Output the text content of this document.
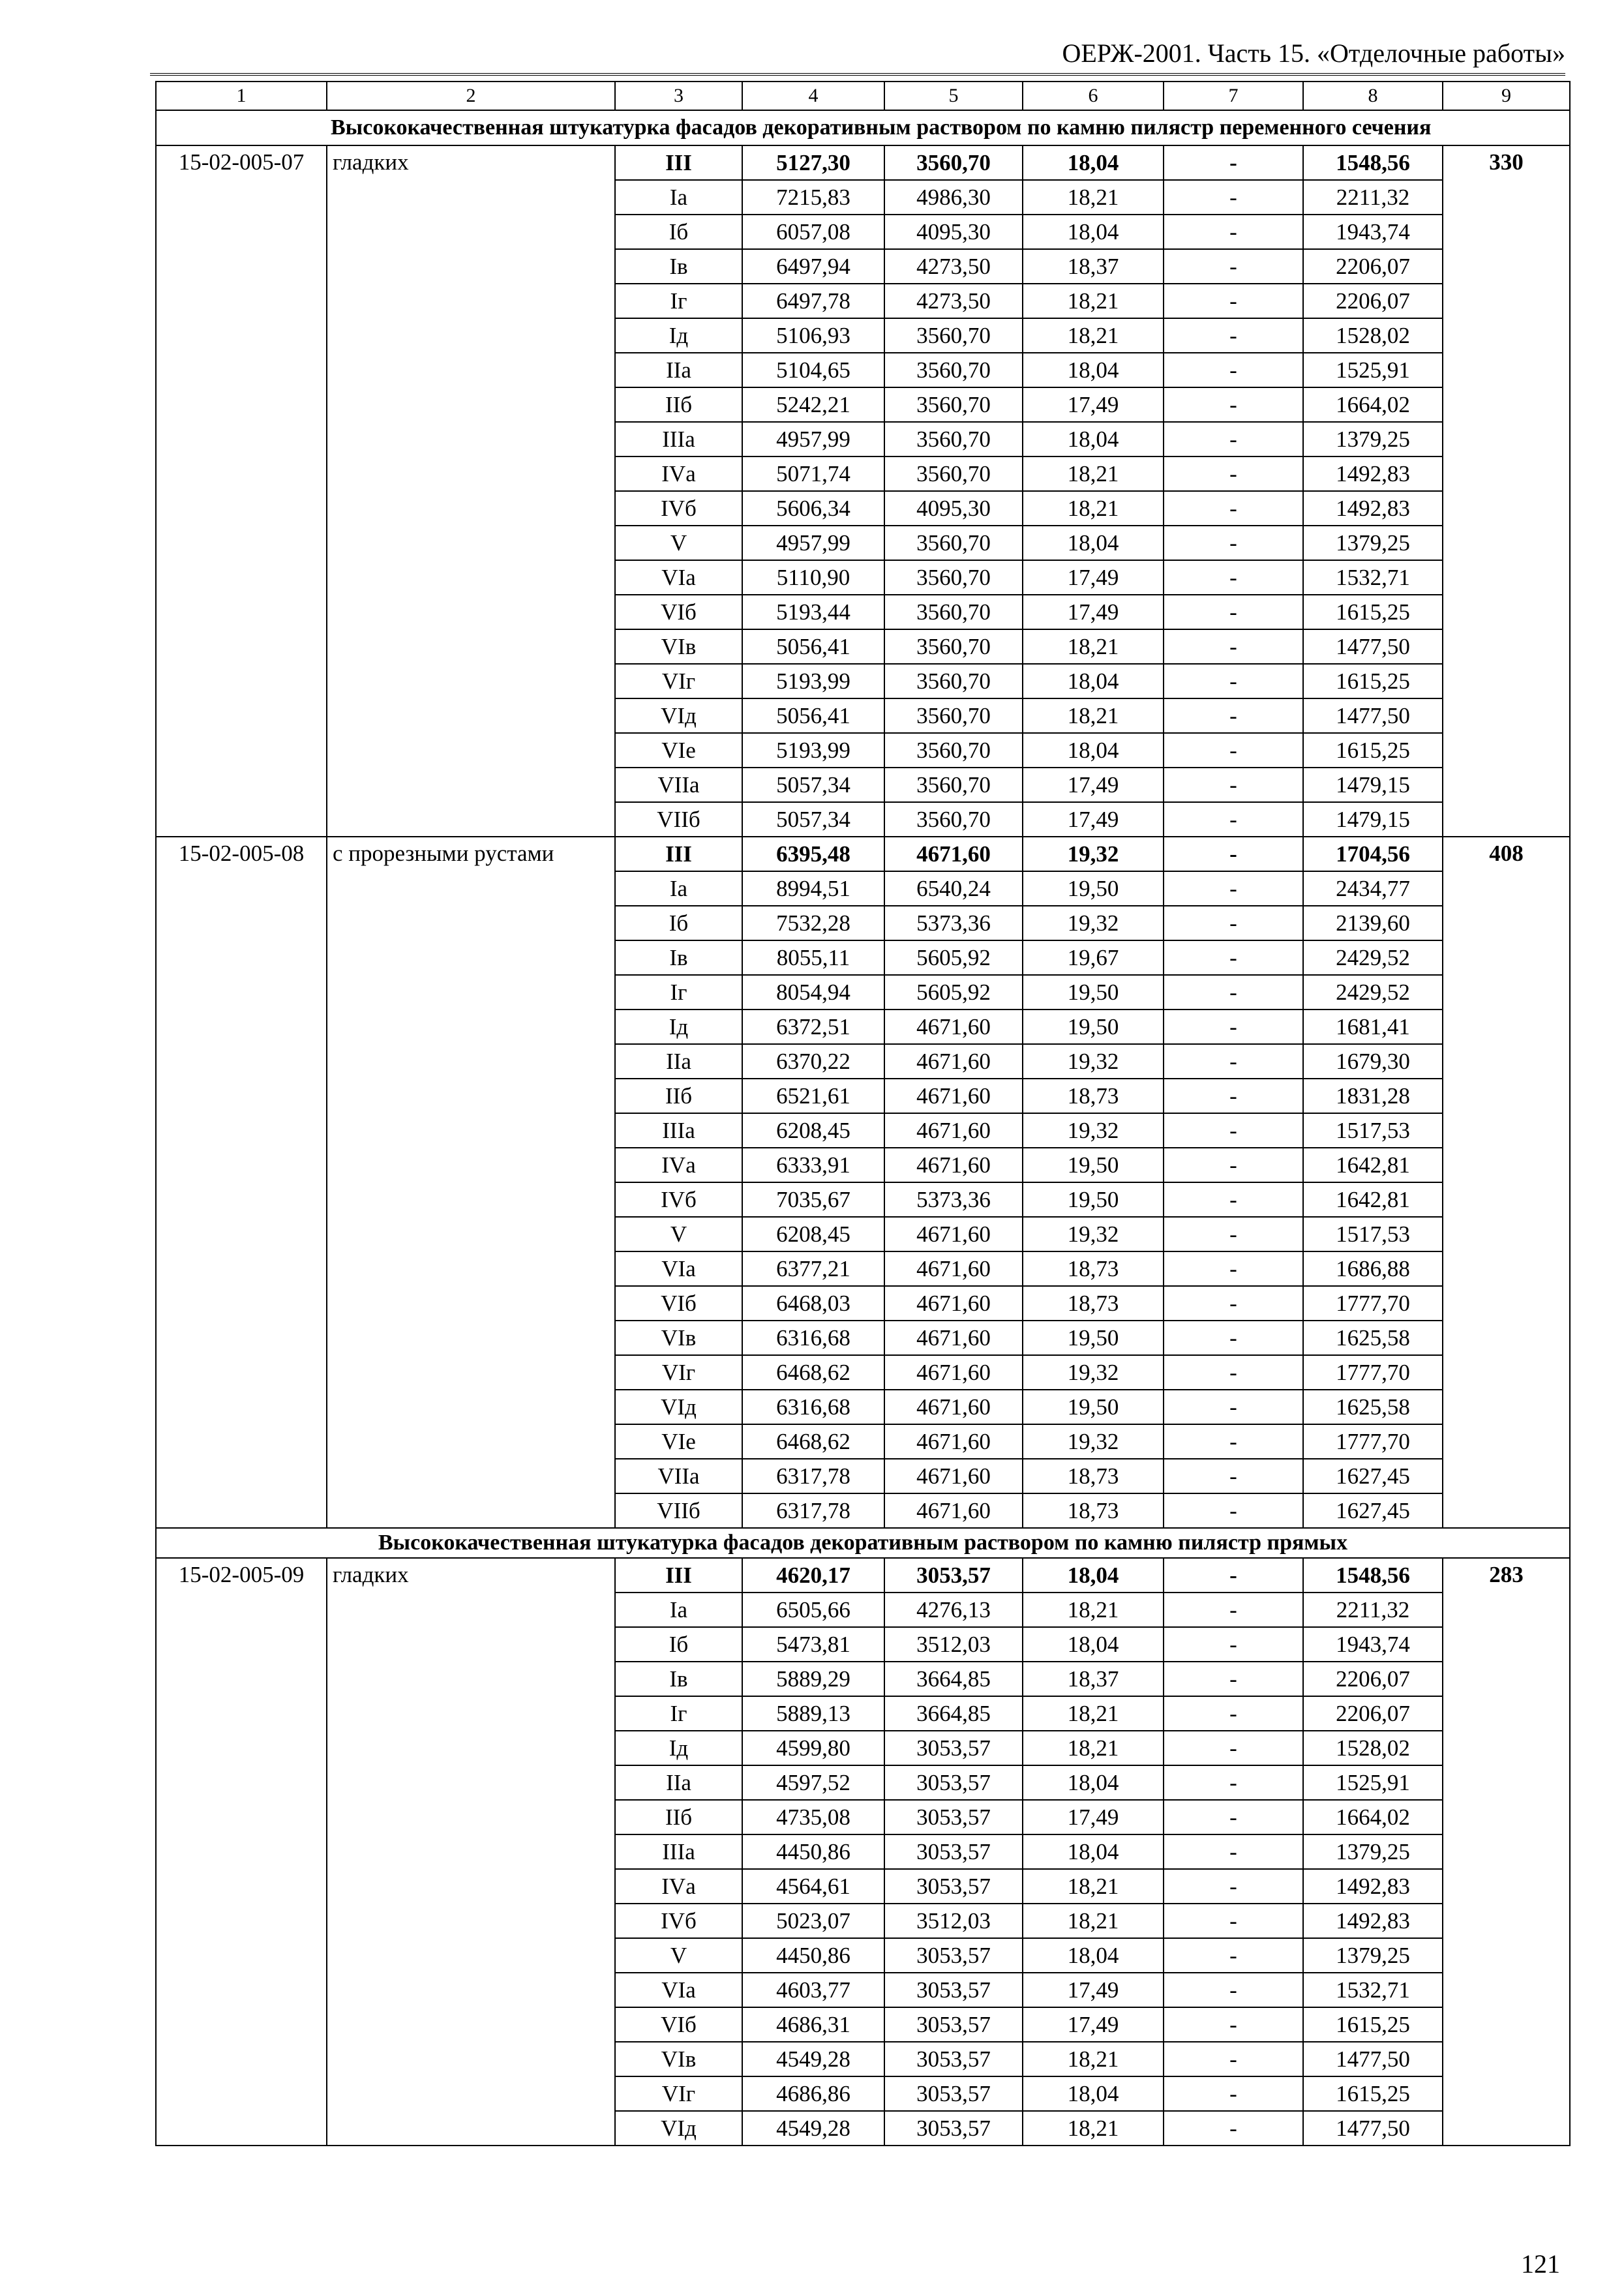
ОЕРЖ-2001. Часть 15. «Отделочные работы»
1	2	3	4	5	6	7	8	9
Высококачественная штукатурка фасадов декоративным раствором по камню пилястр переменного сечения								
15-02-005-07	гладких	III	5127,30	3560,70	18,04	-	1548,56	330
		Iа	7215,83	4986,30	18,21	-	2211,32	
		Iб	6057,08	4095,30	18,04	-	1943,74	
		Iв	6497,94	4273,50	18,37	-	2206,07	
		Iг	6497,78	4273,50	18,21	-	2206,07	
		Iд	5106,93	3560,70	18,21	-	1528,02	
		IIа	5104,65	3560,70	18,04	-	1525,91	
		IIб	5242,21	3560,70	17,49	-	1664,02	
		IIIа	4957,99	3560,70	18,04	-	1379,25	
		IVа	5071,74	3560,70	18,21	-	1492,83	
		IVб	5606,34	4095,30	18,21	-	1492,83	
		V	4957,99	3560,70	18,04	-	1379,25	
		VIа	5110,90	3560,70	17,49	-	1532,71	
		VIб	5193,44	3560,70	17,49	-	1615,25	
		VIв	5056,41	3560,70	18,21	-	1477,50	
		VIг	5193,99	3560,70	18,04	-	1615,25	
		VIд	5056,41	3560,70	18,21	-	1477,50	
		VIе	5193,99	3560,70	18,04	-	1615,25	
		VIIа	5057,34	3560,70	17,49	-	1479,15	
		VIIб	5057,34	3560,70	17,49	-	1479,15	
15-02-005-08	с прорезными рустами	III	6395,48	4671,60	19,32	-	1704,56	408
		Iа	8994,51	6540,24	19,50	-	2434,77	
		Iб	7532,28	5373,36	19,32	-	2139,60	
		Iв	8055,11	5605,92	19,67	-	2429,52	
		Iг	8054,94	5605,92	19,50	-	2429,52	
		Iд	6372,51	4671,60	19,50	-	1681,41	
		IIа	6370,22	4671,60	19,32	-	1679,30	
		IIб	6521,61	4671,60	18,73	-	1831,28	
		IIIа	6208,45	4671,60	19,32	-	1517,53	
		IVа	6333,91	4671,60	19,50	-	1642,81	
		IVб	7035,67	5373,36	19,50	-	1642,81	
		V	6208,45	4671,60	19,32	-	1517,53	
		VIа	6377,21	4671,60	18,73	-	1686,88	
		VIб	6468,03	4671,60	18,73	-	1777,70	
		VIв	6316,68	4671,60	19,50	-	1625,58	
		VIг	6468,62	4671,60	19,32	-	1777,70	
		VIд	6316,68	4671,60	19,50	-	1625,58	
		VIе	6468,62	4671,60	19,32	-	1777,70	
		VIIа	6317,78	4671,60	18,73	-	1627,45	
		VIIб	6317,78	4671,60	18,73	-	1627,45	
Высококачественная штукатурка фасадов декоративным раствором по камню пилястр прямых								
15-02-005-09	гладких	III	4620,17	3053,57	18,04	-	1548,56	283
		Iа	6505,66	4276,13	18,21	-	2211,32	
		Iб	5473,81	3512,03	18,04	-	1943,74	
		Iв	5889,29	3664,85	18,37	-	2206,07	
		Iг	5889,13	3664,85	18,21	-	2206,07	
		Iд	4599,80	3053,57	18,21	-	1528,02	
		IIа	4597,52	3053,57	18,04	-	1525,91	
		IIб	4735,08	3053,57	17,49	-	1664,02	
		IIIа	4450,86	3053,57	18,04	-	1379,25	
		IVа	4564,61	3053,57	18,21	-	1492,83	
		IVб	5023,07	3512,03	18,21	-	1492,83	
		V	4450,86	3053,57	18,04	-	1379,25	
		VIа	4603,77	3053,57	17,49	-	1532,71	
		VIб	4686,31	3053,57	17,49	-	1615,25	
		VIв	4549,28	3053,57	18,21	-	1477,50	
		VIг	4686,86	3053,57	18,04	-	1615,25	
		VIд	4549,28	3053,57	18,21	-	1477,50	
121
